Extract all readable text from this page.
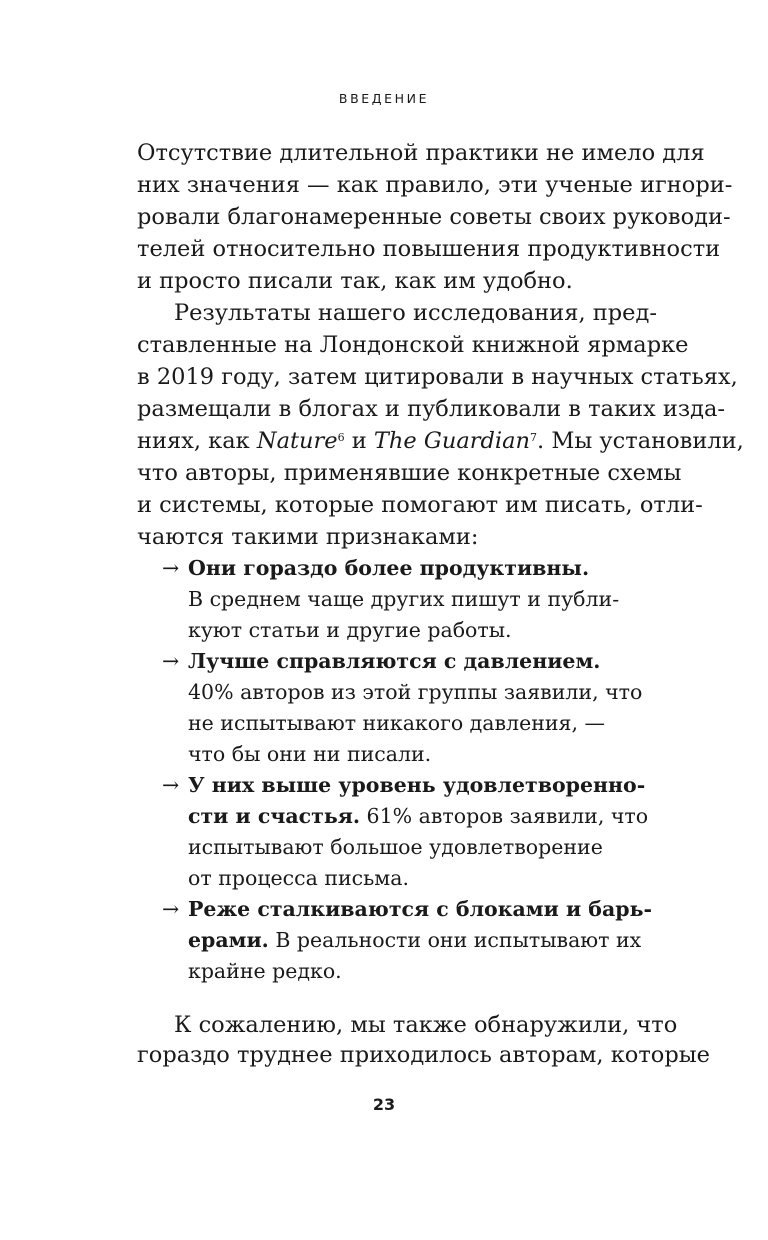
ВВЕДЕНИЕ
Отсутствие длительной практики не имело для
них значения — как правило, эти ученые игнори-
ровали благонамеренные советы своих руководи-
телей относительно повышения продуктивности
и просто писали так, как им удобно.
Результаты нашего исследования, пред-
ставленные на Лондонской книжной ярмарке
в 2019 году, затем цитировали в научных статьях,
размещали в блогах и публиковали в таких изда-
ниях, как Nature$^6$ и The Guardian$^7$. Мы установили,
что авторы, применявшие конкретные схемы
и системы, которые помогают им писать, отли-
чаются такими признаками:
→ Они гораздо более продуктивны.
В среднем чаще других пишут и публи-
куют статьи и другие работы.
→ Лучше справляются с давлением.
40% авторов из этой группы заявили, что
не испытывают никакого давления, —
что бы они ни писали.
→ У них выше уровень удовлетворенно-
сти и счастья. 61% авторов заявили, что
испытывают большое удовлетворение
от процесса письма.
→ Реже сталкиваются с блоками и барь-
ерами. В реальности они испытывают их
крайне редко.
К сожалению, мы также обнаружили, что
гораздо труднее приходилось авторам, которые
23
